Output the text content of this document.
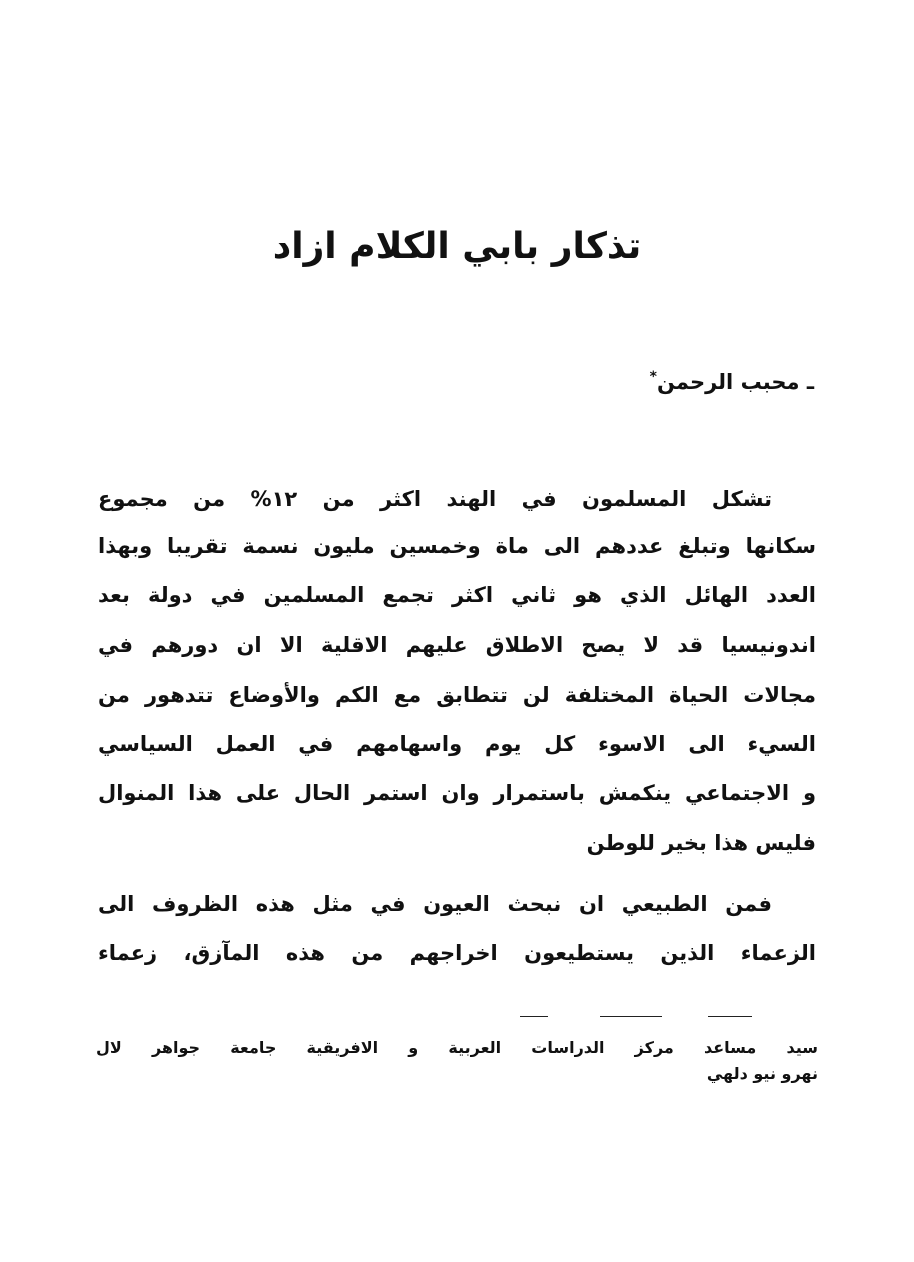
تذكار بابي الكلام ازاد
ـ محبب الرحمن*
تشكل المسلمون في الهند اكثر من ١٢% من مجموع
سكانها وتبلغ عددهم الى ماة وخمسين مليون نسمة تقريبا وبهذا
العدد الهائل الذي هو ثاني اكثر تجمع المسلمين في دولة بعد
اندونيسيا قد لا يصح الاطلاق عليهم الاقلية الا ان دورهم في
مجالات الحياة المختلفة لن تتطابق مع الكم والأوضاع تتدهور من
السيء الى الاسوء كل يوم واسهامهم في العمل السياسي
و الاجتماعي ينكمش باستمرار وان استمر الحال على هذا المنوال
فليس هذا بخير للوطن
فمن الطبيعي ان نبحث العيون في مثل هذه الظروف الى
الزعماء الذين يستطيعون اخراجهم من هذه المآزق، زعماء
سيد مساعد مركز الدراسات العربية و الافريقية جامعة جواهر لال
نهرو نيو دلهي
